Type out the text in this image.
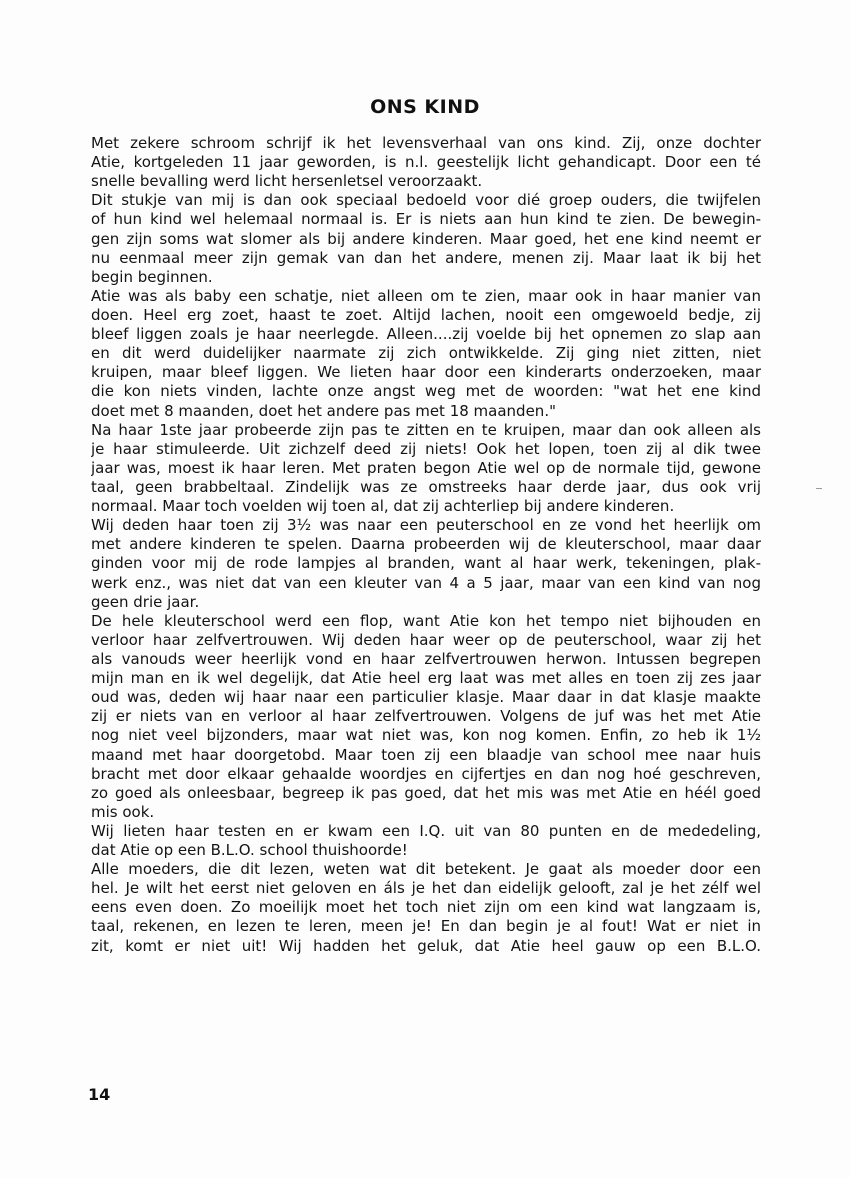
ONS KIND
Met zekere schroom schrijf ik het levensverhaal van ons kind. Zij, onze dochter
Atie, kortgeleden 11 jaar geworden, is n.l. geestelijk licht gehandicapt. Door een té
snelle bevalling werd licht hersenletsel veroorzaakt.
Dit stukje van mij is dan ook speciaal bedoeld voor dié groep ouders, die twijfelen
of hun kind wel helemaal normaal is. Er is niets aan hun kind te zien. De bewegin-
gen zijn soms wat slomer als bij andere kinderen. Maar goed, het ene kind neemt er
nu eenmaal meer zijn gemak van dan het andere, menen zij. Maar laat ik bij het
begin beginnen.
Atie was als baby een schatje, niet alleen om te zien, maar ook in haar manier van
doen. Heel erg zoet, haast te zoet. Altijd lachen, nooit een omgewoeld bedje, zij
bleef liggen zoals je haar neerlegde. Alleen....zij voelde bij het opnemen zo slap aan
en dit werd duidelijker naarmate zij zich ontwikkelde. Zij ging niet zitten, niet
kruipen, maar bleef liggen. We lieten haar door een kinderarts onderzoeken, maar
die kon niets vinden, lachte onze angst weg met de woorden: "wat het ene kind
doet met 8 maanden, doet het andere pas met 18 maanden."
Na haar 1ste jaar probeerde zijn pas te zitten en te kruipen, maar dan ook alleen als
je haar stimuleerde. Uit zichzelf deed zij niets! Ook het lopen, toen zij al dik twee
jaar was, moest ik haar leren. Met praten begon Atie wel op de normale tijd, gewone
taal, geen brabbeltaal. Zindelijk was ze omstreeks haar derde jaar, dus ook vrij
normaal. Maar toch voelden wij toen al, dat zij achterliep bij andere kinderen.
Wij deden haar toen zij 3½ was naar een peuterschool en ze vond het heerlijk om
met andere kinderen te spelen. Daarna probeerden wij de kleuterschool, maar daar
ginden voor mij de rode lampjes al branden, want al haar werk, tekeningen, plak-
werk enz., was niet dat van een kleuter van 4 a 5 jaar, maar van een kind van nog
geen drie jaar.
De hele kleuterschool werd een flop, want Atie kon het tempo niet bijhouden en
verloor haar zelfvertrouwen. Wij deden haar weer op de peuterschool, waar zij het
als vanouds weer heerlijk vond en haar zelfvertrouwen herwon. Intussen begrepen
mijn man en ik wel degelijk, dat Atie heel erg laat was met alles en toen zij zes jaar
oud was, deden wij haar naar een particulier klasje. Maar daar in dat klasje maakte
zij er niets van en verloor al haar zelfvertrouwen. Volgens de juf was het met Atie
nog niet veel bijzonders, maar wat niet was, kon nog komen. Enfin, zo heb ik 1½
maand met haar doorgetobd. Maar toen zij een blaadje van school mee naar huis
bracht met door elkaar gehaalde woordjes en cijfertjes en dan nog hoé geschreven,
zo goed als onleesbaar, begreep ik pas goed, dat het mis was met Atie en héél goed
mis ook.
Wij lieten haar testen en er kwam een I.Q. uit van 80 punten en de mededeling,
dat Atie op een B.L.O. school thuishoorde!
Alle moeders, die dit lezen, weten wat dit betekent. Je gaat als moeder door een
hel. Je wilt het eerst niet geloven en áls je het dan eidelijk gelooft, zal je het zélf wel
eens even doen. Zo moeilijk moet het toch niet zijn om een kind wat langzaam is,
taal, rekenen, en lezen te leren, meen je! En dan begin je al fout! Wat er niet in
zit, komt er niet uit! Wij hadden het geluk, dat Atie heel gauw op een B.L.O.
14
